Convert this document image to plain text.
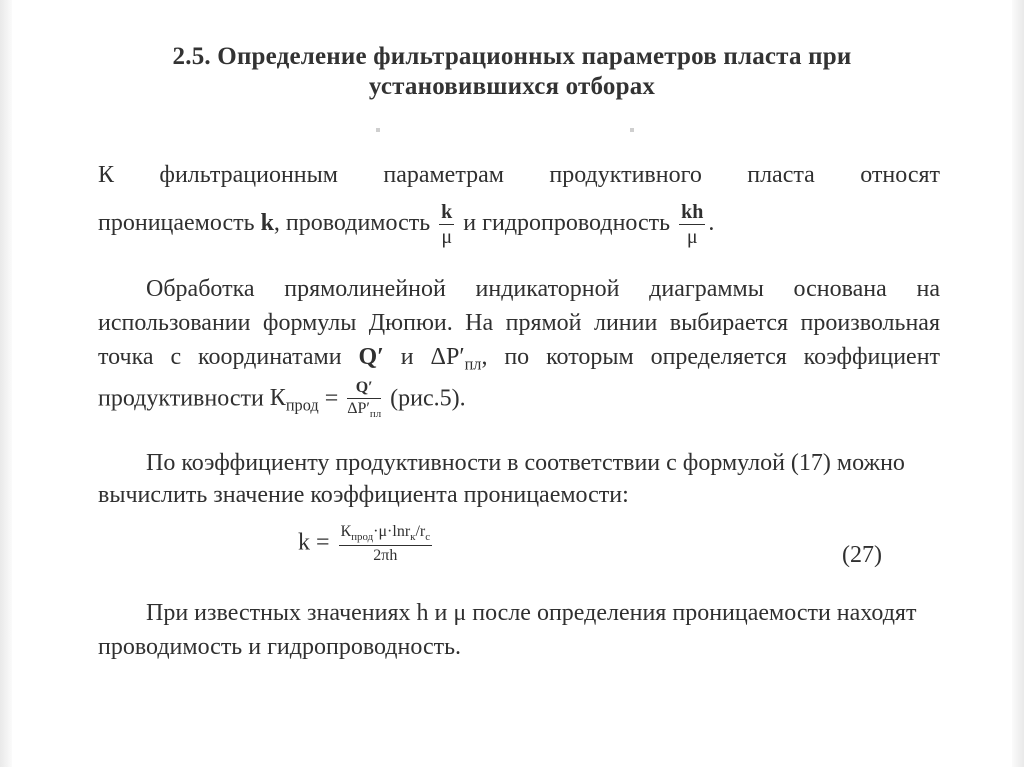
2.5. Определение фильтрационных параметров пласта при
установившихся отборах
К фильтрационным параметрам продуктивного пласта относят
проницаемость k, проводимость $\frac{k}{\mu}$ и гидропроводность $\frac{kh}{\mu}$ .
Обработка прямолинейной индикаторной диаграммы основана на
использовании формулы Дюпюи. На прямой линии выбирается произвольная
точка с координатами Q′ и $\Delta P'_{пл}$, по которым определяется коэффициент
продуктивности $К_{прод} = \frac{Q'}{\Delta P'_{пл}} (рис.5)$.
По коэффициенту продуктивности в соответствии с формулой (17) можно
вычислить значение коэффициента проницаемости:
$k = \frac{К_{прод}\cdot\mu\cdot\ln r_к/r_с}{2\pi h}$	(27)
При известных значениях h и μ после определения проницаемости находят
проводимость и гидропроводность.
